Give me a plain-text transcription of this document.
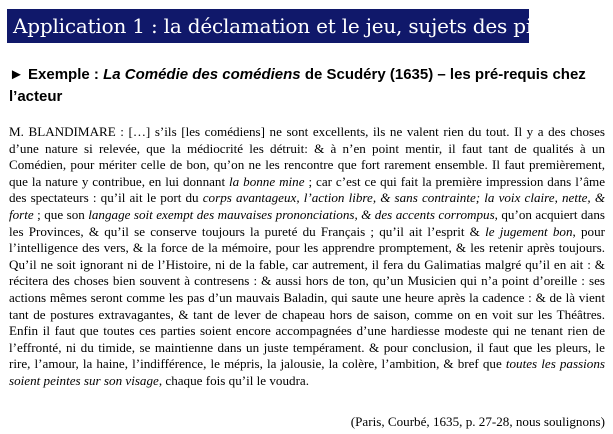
Application 1 : la déclamation et le jeu, sujets des pièces
► Exemple : La Comédie des comédiens de Scudéry (1635) – les pré-requis chez l’acteur
M. BLANDIMARE : […] s’ils [les comédiens] ne sont excellents, ils ne valent rien du tout. Il y a des choses d’une nature si relevée, que la médiocrité les détruit: & à n’en point mentir, il faut tant de qualités à un Comédien, pour mériter celle de bon, qu’on ne les rencontre que fort rarement ensemble. Il faut premièrement, que la nature y contribue, en lui donnant la bonne mine ; car c’est ce qui fait la première impression dans l’âme des spectateurs : qu’il ait le port du corps avantageux, l’action libre, & sans contrainte; la voix claire, nette, & forte ; que son langage soit exempt des mauvaises prononciations, & des accents corrompus, qu’on acquiert dans les Provinces, & qu’il se conserve toujours la pureté du Français ; qu’il ait l’esprit & le jugement bon, pour l’intelligence des vers, & la force de la mémoire, pour les apprendre promptement, & les retenir après toujours. Qu’il ne soit ignorant ni de l’Histoire, ni de la fable, car autrement, il fera du Galimatias malgré qu’il en ait : & récitera des choses bien souvent à contresens : & aussi hors de ton, qu’un Musicien qui n’a point d’oreille : ses actions mêmes seront comme les pas d’un mauvais Baladin, qui saute une heure après la cadence : & de là vient tant de postures extravagantes, & tant de lever de chapeau hors de saison, comme on en voit sur les Théâtres. Enfin il faut que toutes ces parties soient encore accompagnées d’une hardiesse modeste qui ne tenant rien de l’effronté, ni du timide, se maintienne dans un juste tempérament. & pour conclusion, il faut que les pleurs, le rire, l’amour, la haine, l’indifférence, le mépris, la jalousie, la colère, l’ambition, & bref que toutes les passions soient peintes sur son visage, chaque fois qu’il le voudra.
(Paris, Courbé, 1635, p. 27-28, nous soulignons)
